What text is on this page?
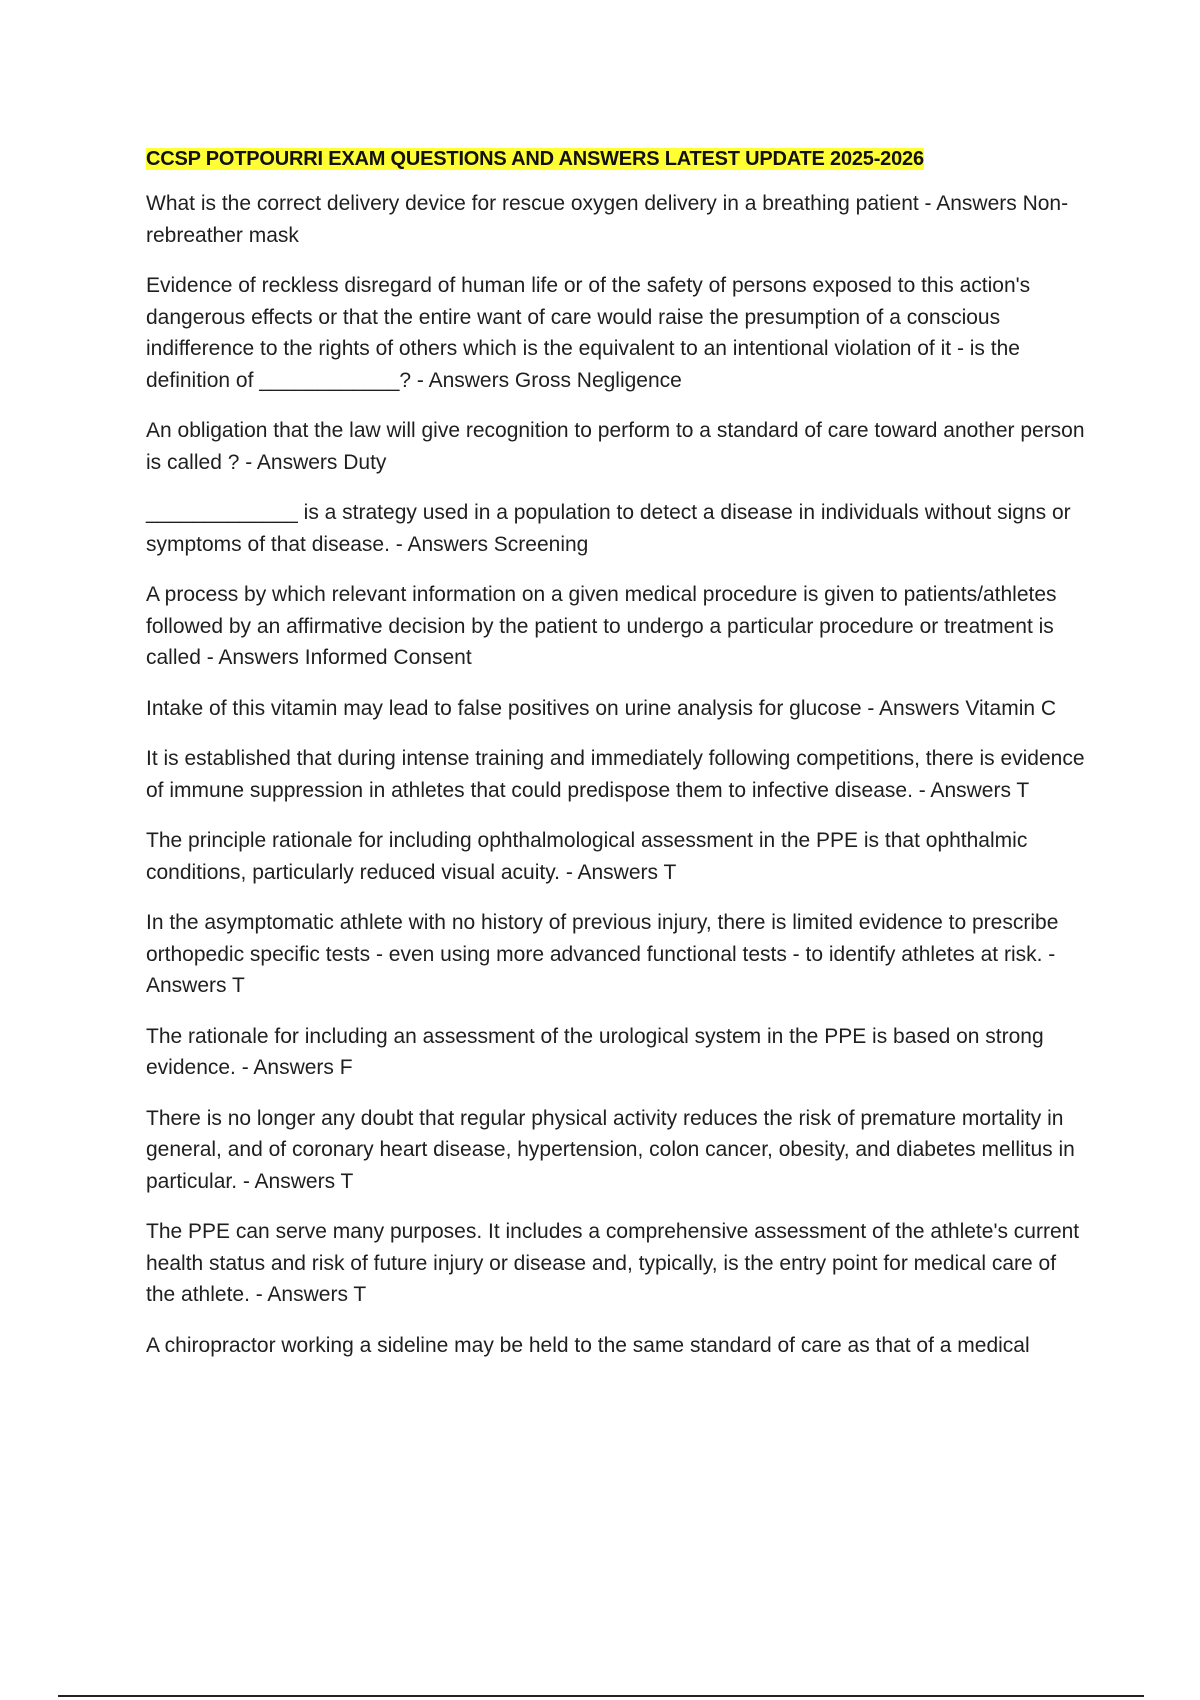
CCSP POTPOURRI EXAM QUESTIONS AND ANSWERS LATEST UPDATE 2025-2026

What is the correct delivery device for rescue oxygen delivery in a breathing patient - Answers Non-rebreather mask

Evidence of reckless disregard of human life or of the safety of persons exposed to this action's dangerous effects or that the entire want of care would raise the presumption of a conscious indifference to the rights of others which is the equivalent to an intentional violation of it - is the definition of ____________? - Answers Gross Negligence

An obligation that the law will give recognition to perform to a standard of care toward another person is called ? - Answers Duty

_____________ is a strategy used in a population to detect a disease in individuals without signs or symptoms of that disease. - Answers Screening

A process by which relevant information on a given medical procedure is given to patients/athletes followed by an affirmative decision by the patient to undergo a particular procedure or treatment is called - Answers Informed Consent

Intake of this vitamin may lead to false positives on urine analysis for glucose - Answers Vitamin C

It is established that during intense training and immediately following competitions, there is evidence of immune suppression in athletes that could predispose them to infective disease. - Answers T

The principle rationale for including ophthalmological assessment in the PPE is that ophthalmic conditions, particularly reduced visual acuity. - Answers T

In the asymptomatic athlete with no history of previous injury, there is limited evidence to prescribe orthopedic specific tests - even using more advanced functional tests - to identify athletes at risk. - Answers T

The rationale for including an assessment of the urological system in the PPE is based on strong evidence. - Answers F

There is no longer any doubt that regular physical activity reduces the risk of premature mortality in general, and of coronary heart disease, hypertension, colon cancer, obesity, and diabetes mellitus in particular. - Answers T

The PPE can serve many purposes. It includes a comprehensive assessment of the athlete's current health status and risk of future injury or disease and, typically, is the entry point for medical care of the athlete. - Answers T

A chiropractor working a sideline may be held to the same standard of care as that of a medical
